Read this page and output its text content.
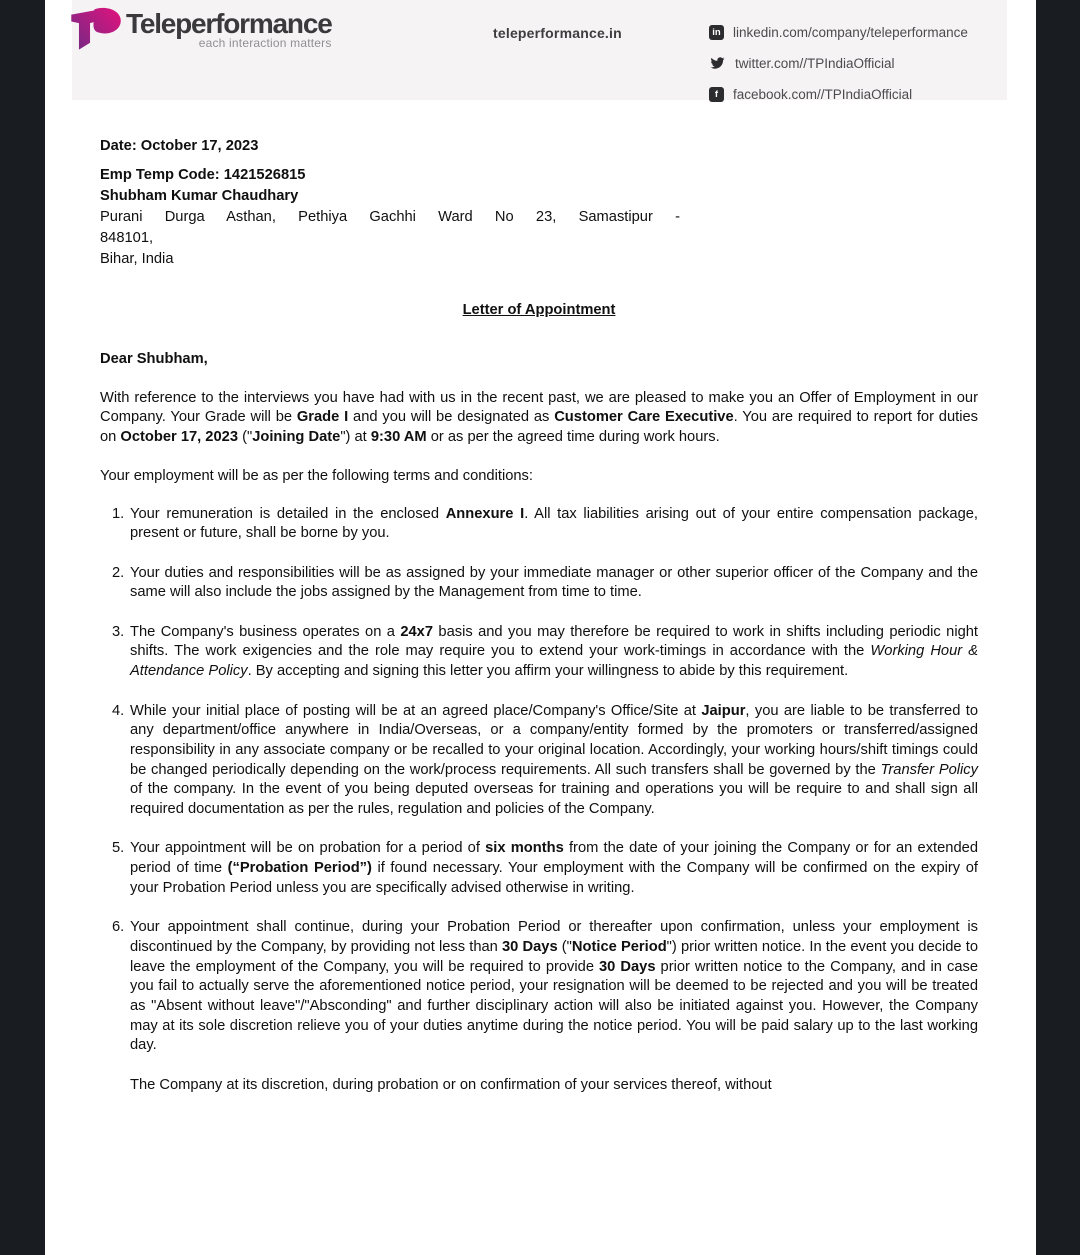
Teleperformance
each interaction matters
teleperformance.in	in linkedin.com/company/teleperformance
twitter.com//TPIndiaOfficial
f	facebook.com//TPIndiaOfficial
Date: October 17, 2023
Emp Temp Code: 1421526815
Shubham Kumar Chaudhary
Purani Durga Asthan, Pethiya Gachhi Ward No 23, Samastipur -
848101,
Bihar, India
Letter of Appointment
Dear Shubham,

With reference to the interviews you have had with us in the recent past, we are pleased to make you an Offer of Employment in our Company. Your Grade will be Grade I and you will be designated as Customer Care Executive. You are required to report for duties on October 17, 2023 ("Joining Date") at 9:30 AM or as per the agreed time during work hours.

Your employment will be as per the following terms and conditions:

1. Your remuneration is detailed in the enclosed Annexure I. All tax liabilities arising out of your entire compensation package, present or future, shall be borne by you.
2. Your duties and responsibilities will be as assigned by your immediate manager or other superior officer of the Company and the same will also include the jobs assigned by the Management from time to time.
3. The Company's business operates on a 24x7 basis and you may therefore be required to work in shifts including periodic night shifts. The work exigencies and the role may require you to extend your work-timings in accordance with the Working Hour & Attendance Policy. By accepting and signing this letter you affirm your willingness to abide by this requirement.
4. While your initial place of posting will be at an agreed place/Company's Office/Site at Jaipur, you are liable to be transferred to any department/office anywhere in India/Overseas, or a company/entity formed by the promoters or transferred/assigned responsibility in any associate company or be recalled to your original location. Accordingly, your working hours/shift timings could be changed periodically depending on the work/process requirements. All such transfers shall be governed by the Transfer Policy of the company. In the event of you being deputed overseas for training and operations you will be require to and shall sign all required documentation as per the rules, regulation and policies of the Company.
5. Your appointment will be on probation for a period of six months from the date of your joining the Company or for an extended period of time (“Probation Period”) if found necessary. Your employment with the Company will be confirmed on the expiry of your Probation Period unless you are specifically advised otherwise in writing.
6. Your appointment shall continue, during your Probation Period or thereafter upon confirmation, unless your employment is discontinued by the Company, by providing not less than 30 Days ("Notice Period") prior written notice. In the event you decide to leave the employment of the Company, you will be required to provide 30 Days prior written notice to the Company, and in case you fail to actually serve the aforementioned notice period, your resignation will be deemed to be rejected and you will be treated as "Absent without leave"/"Absconding" and further disciplinary action will also be initiated against you. However, the Company may at its sole discretion relieve you of your duties anytime during the notice period. You will be paid salary up to the last working day.

The Company at its discretion, during probation or on confirmation of your services thereof, without
